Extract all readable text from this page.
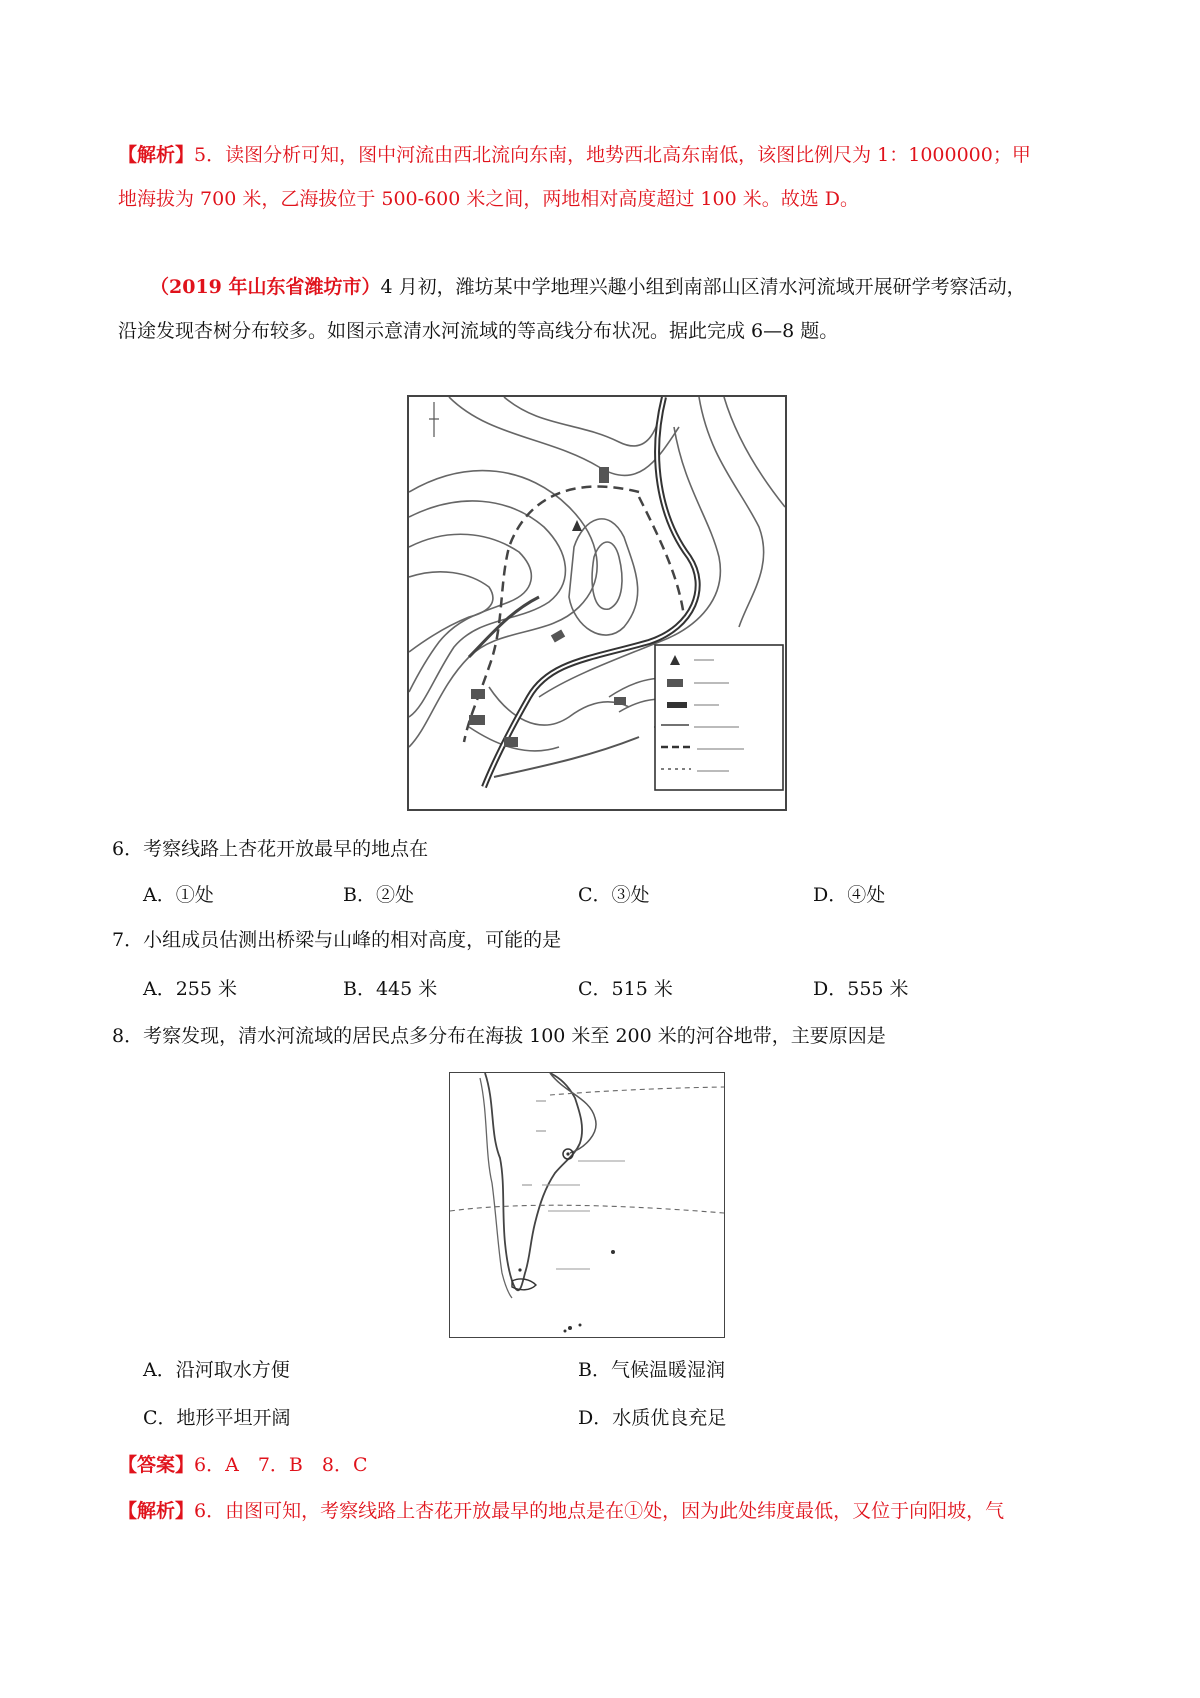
【解析】5．读图分析可知，图中河流由西北流向东南，地势西北高东南低，该图比例尺为 1：1000000；甲
地海拔为 700 米，乙海拔位于 500-600 米之间，两地相对高度超过 100 米。故选 D。
（2019 年山东省潍坊市）4 月初，潍坊某中学地理兴趣小组到南部山区清水河流域开展研学考察活动，
沿途发现杏树分布较多。如图示意清水河流域的等高线分布状况。据此完成 6—8 题。
6．考察线路上杏花开放最早的地点在
A．①处	B．②处	C．③处	D．④处
7．小组成员估测出桥梁与山峰的相对高度，可能的是
A．255 米	B．445 米	C．515 米	D．555 米
8．考察发现，清水河流域的居民点多分布在海拔 100 米至 200 米的河谷地带，主要原因是
A．沿河取水方便	B．气候温暖湿润
C．地形平坦开阔	D．水质优良充足
【答案】6．A　7．B　8．C
【解析】6．由图可知，考察线路上杏花开放最早的地点是在①处，因为此处纬度最低，又位于向阳坡，气
